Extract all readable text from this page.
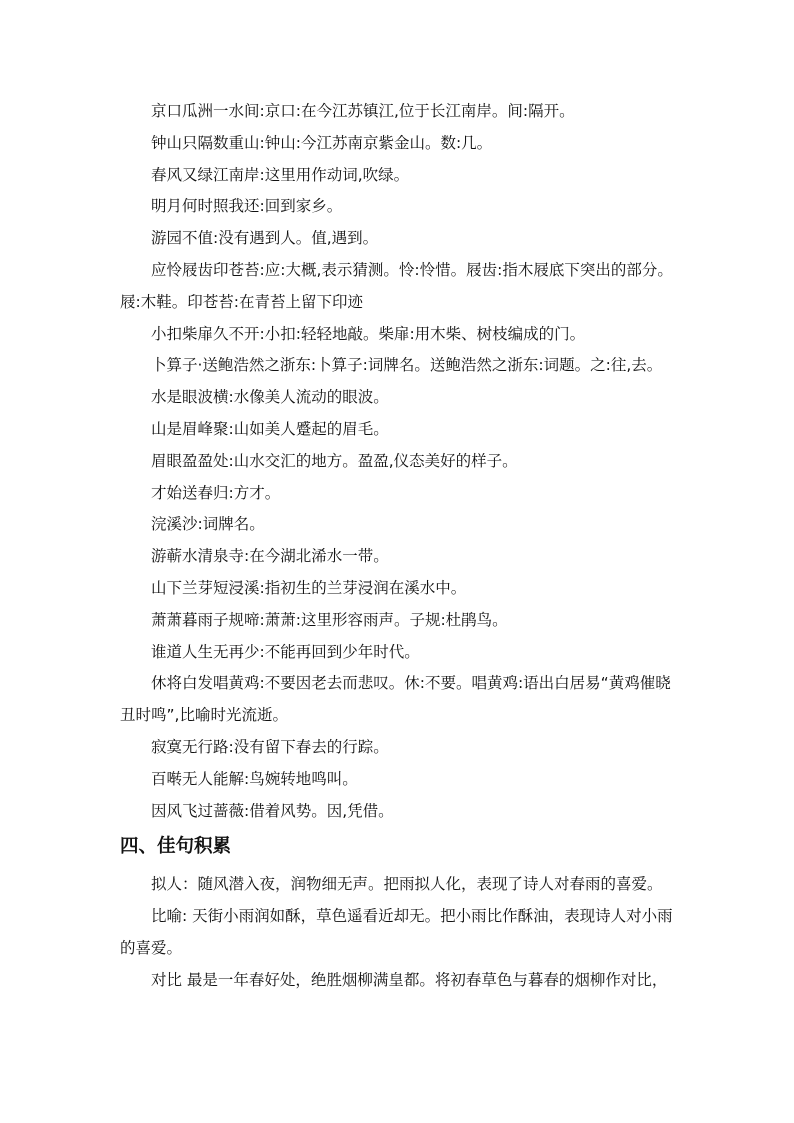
京口瓜洲一水间:京口:在今江苏镇江,位于长江南岸。间:隔开。

钟山只隔数重山:钟山:今江苏南京紫金山。数:几。

春风又绿江南岸:这里用作动词,吹绿。

明月何时照我还:回到家乡。

游园不值:没有遇到人。值,遇到。

应怜屐齿印苍苔:应:大概,表示猜测。怜:怜惜。屐齿:指木屐底下突出的部分。屐:木鞋。印苍苔:在青苔上留下印迹

小扣柴扉久不开:小扣:轻轻地敲。柴扉:用木柴、树枝编成的门。

卜算子·送鲍浩然之浙东:卜算子:词牌名。送鲍浩然之浙东:词题。之:往,去。

水是眼波横:水像美人流动的眼波。

山是眉峰聚:山如美人蹙起的眉毛。

眉眼盈盈处:山水交汇的地方。盈盈,仪态美好的样子。

才始送春归:方才。

浣溪沙:词牌名。

游蕲水清泉寺:在今湖北浠水一带。

山下兰芽短浸溪:指初生的兰芽浸润在溪水中。

萧萧暮雨子规啼:萧萧:这里形容雨声。子规:杜鹃鸟。

谁道人生无再少:不能再回到少年时代。

休将白发唱黄鸡:不要因老去而悲叹。休:不要。唱黄鸡:语出白居易“黄鸡催晓丑时鸣”,比喻时光流逝。

寂寞无行路:没有留下春去的行踪。

百啭无人能解:鸟婉转地鸣叫。

因风飞过蔷薇:借着风势。因,凭借。

四、佳句积累

拟人：随风潜入夜，润物细无声。把雨拟人化，表现了诗人对春雨的喜爱。

比喻: 天街小雨润如酥，草色遥看近却无。把小雨比作酥油，表现诗人对小雨的喜爱。

对比 最是一年春好处，绝胜烟柳满皇都。将初春草色与暮春的烟柳作对比，
